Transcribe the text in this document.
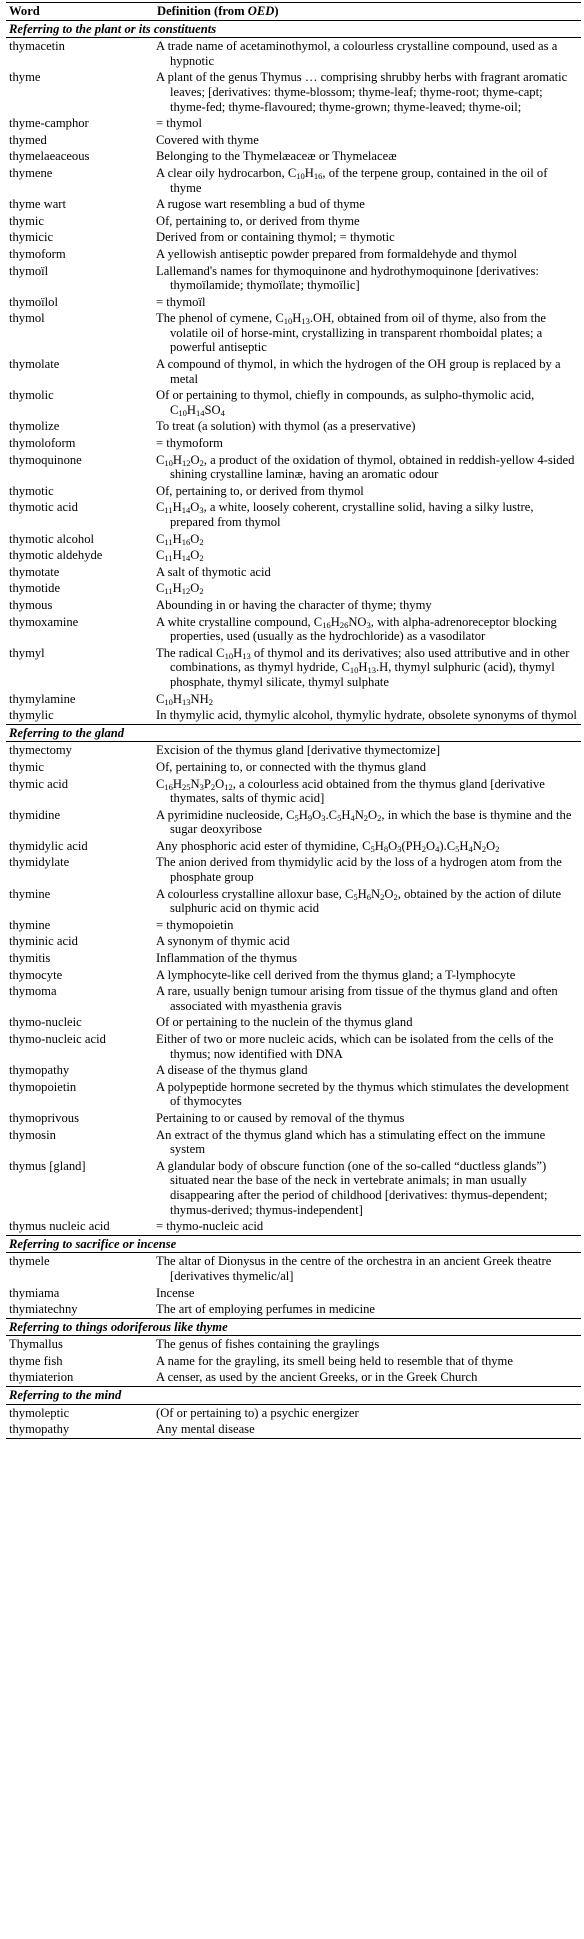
Word	Definition (from OED)
Referring to the plant or its constituents	
thymacetin	A trade name of acetaminothymol, a colourless crystalline compound, used as a hypnotic

thyme	A plant of the genus Thymus … comprising shrubby herbs with fragrant aromatic leaves; [derivatives: thyme-blossom; thyme-leaf; thyme-root; thyme-capt; thyme-fed; thyme-flavoured; thyme-grown; thyme-leaved; thyme-oil;

thyme-camphor	= thymol

thymed	Covered with thyme

thymelaeaceous	Belonging to the Thymelæaceæ or Thymelaceæ

thymene	A clear oily hydrocarbon, $C_{10}H_{16}$, of the terpene group, contained in the oil of thyme

thyme wart	A rugose wart resembling a bud of thyme

thymic	Of, pertaining to, or derived from thyme

thymicic	Derived from or containing thymol; = thymotic

thymoform	A yellowish antiseptic powder prepared from formaldehyde and thymol

thymoïl	Lallemand's names for thymoquinone and hydrothymoquinone [derivatives: thymoïlamide; thymoïlate; thymoïlic]

thymoïlol	= thymoïl

thymol	The phenol of cymene, $C_{10}H_{13}.OH$, obtained from oil of thyme, also from the volatile oil of horse-mint, crystallizing in transparent rhomboidal plates; a powerful antiseptic

thymolate	A compound of thymol, in which the hydrogen of the OH group is replaced by a metal

thymolic	Of or pertaining to thymol, chiefly in compounds, as sulpho-thymolic acid, $C_{10}H_{14}SO_4$

thymolize	To treat (a solution) with thymol (as a preservative)

thymoloform	= thymoform

thymoquinone	$C_{10}H_{12}O_2$, a product of the oxidation of thymol, obtained in reddish-yellow 4-sided shining crystalline laminæ, having an aromatic odour

thymotic	Of, pertaining to, or derived from thymol

thymotic acid	$C_{11}H_{14}O_3$, a white, loosely coherent, crystalline solid, having a silky lustre, prepared from thymol

thymotic alcohol	$C_{11}H_{16}O_2$

thymotic aldehyde	$C_{11}H_{14}O_2$

thymotate	A salt of thymotic acid

thymotide	$C_{11}H_{12}O_2$

thymous	Abounding in or having the character of thyme; thymy

thymoxamine	A white crystalline compound, $C_{16}H_{26}NO_3$, with alpha-adrenoreceptor blocking properties, used (usually as the hydrochloride) as a vasodilator

thymyl	The radical $C_{10}H_{13}$ of thymol and its derivatives; also used attributive and in other combinations, as thymyl hydride, $C_{10}H_{13}.H$, thymyl sulphuric (acid), thymyl phosphate, thymyl silicate, thymyl sulphate

thymylamine	$C_{10}H_{13}NH_2$

thymylic	In thymylic acid, thymylic alcohol, thymylic hydrate, obsolete synonyms of thymol

Referring to the gland	
thymectomy	Excision of the thymus gland [derivative thymectomize]

thymic	Of, pertaining to, or connected with the thymus gland

thymic acid	$C_{16}H_{25}N_3P_2O_{12}$, a colourless acid obtained from the thymus gland [derivative thymates, salts of thymic acid]

thymidine	A pyrimidine nucleoside, $C_5H_9O_3.C_5H_4N_2O_2$, in which the base is thymine and the sugar deoxyribose

thymidylic acid	Any phosphoric acid ester of thymidine, $C_5H_8O_3(PH_2O_4).C_5H_4N_2O_2$

thymidylate	The anion derived from thymidylic acid by the loss of a hydrogen atom from the phosphate group

thymine	A colourless crystalline alloxur base, $C_5H_6N_2O_2$, obtained by the action of dilute sulphuric acid on thymic acid

thymine	= thymopoietin

thyminic acid	A synonym of thymic acid

thymitis	Inflammation of the thymus

thymocyte	A lymphocyte-like cell derived from the thymus gland; a T-lymphocyte

thymoma	A rare, usually benign tumour arising from tissue of the thymus gland and often associated with myasthenia gravis

thymo-nucleic	Of or pertaining to the nuclein of the thymus gland

thymo-nucleic acid	Either of two or more nucleic acids, which can be isolated from the cells of the thymus; now identified with DNA

thymopathy	A disease of the thymus gland

thymopoietin	A polypeptide hormone secreted by the thymus which stimulates the development of thymocytes

thymoprivous	Pertaining to or caused by removal of the thymus

thymosin	An extract of the thymus gland which has a stimulating effect on the immune system

thymus [gland]	A glandular body of obscure function (one of the so-called “ductless glands”) situated near the base of the neck in vertebrate animals; in man usually disappearing after the period of childhood [derivatives: thymus-dependent; thymus-derived; thymus-independent]

thymus nucleic acid	= thymo-nucleic acid

Referring to sacrifice or incense	
thymele	The altar of Dionysus in the centre of the orchestra in an ancient Greek theatre [derivatives thymelic/al]

thymiama	Incense

thymiatechny	The art of employing perfumes in medicine

Referring to things odoriferous like thyme	
Thymallus	The genus of fishes containing the graylings

thyme fish	A name for the grayling, its smell being held to resemble that of thyme

thymiaterion	A censer, as used by the ancient Greeks, or in the Greek Church

Referring to the mind	
thymoleptic	(Of or pertaining to) a psychic energizer

thymopathy	Any mental disease
